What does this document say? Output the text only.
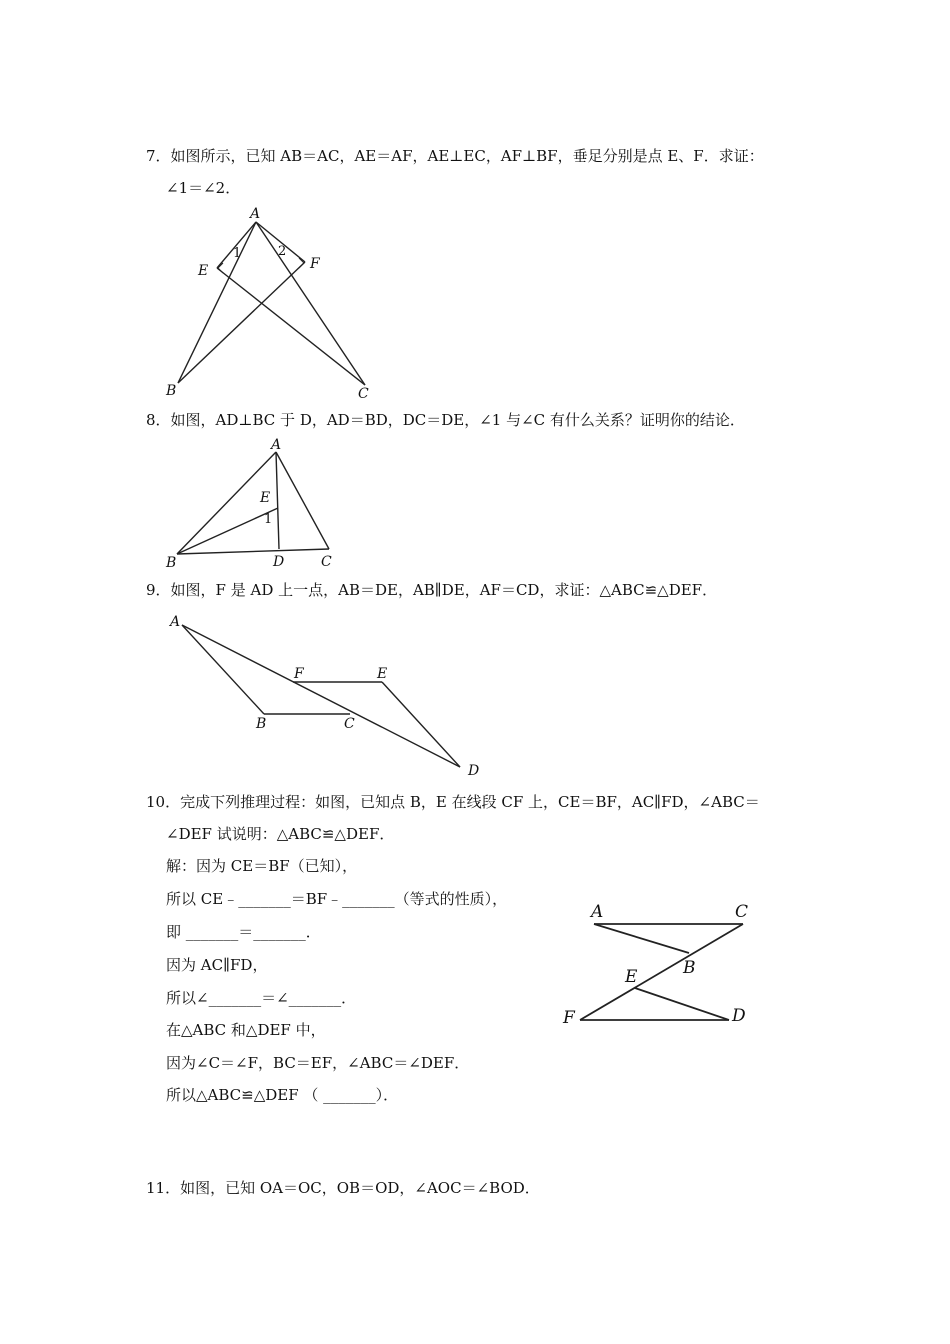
7．如图所示，已知 AB＝AC，AE＝AF，AE⊥EC，AF⊥BF，垂足分别是点 E、F．求证：
∠1＝∠2．
A
B	C
E	F
1	2
8．如图，AD⊥BC 于 D，AD＝BD，DC＝DE，∠1 与∠C 有什么关系？证明你的结论．
A
B	C
D
E
1
9．如图，F 是 AD 上一点，AB＝DE，AB∥DE，AF＝CD，求证：△ABC≌△DEF．
A
B	C
D
E
F
10．完成下列推理过程：如图，已知点 B，E 在线段 CF 上，CE＝BF，AC∥FD，∠ABC＝
∠DEF 试说明：△ABC≌△DEF．
解：因为 CE＝BF（已知），
所以 CE﹣_______＝BF﹣_______（等式的性质），
即 _______＝_______．
因为 AC∥FD，
所以∠_______＝∠_______．
在△ABC 和△DEF 中，
因为∠C＝∠F，BC＝EF，∠ABC＝∠DEF．
所以△ABC≌△DEF （ _______）．
A	C
B
E
F	D
11．如图，已知 OA＝OC，OB＝OD，∠AOC＝∠BOD．
